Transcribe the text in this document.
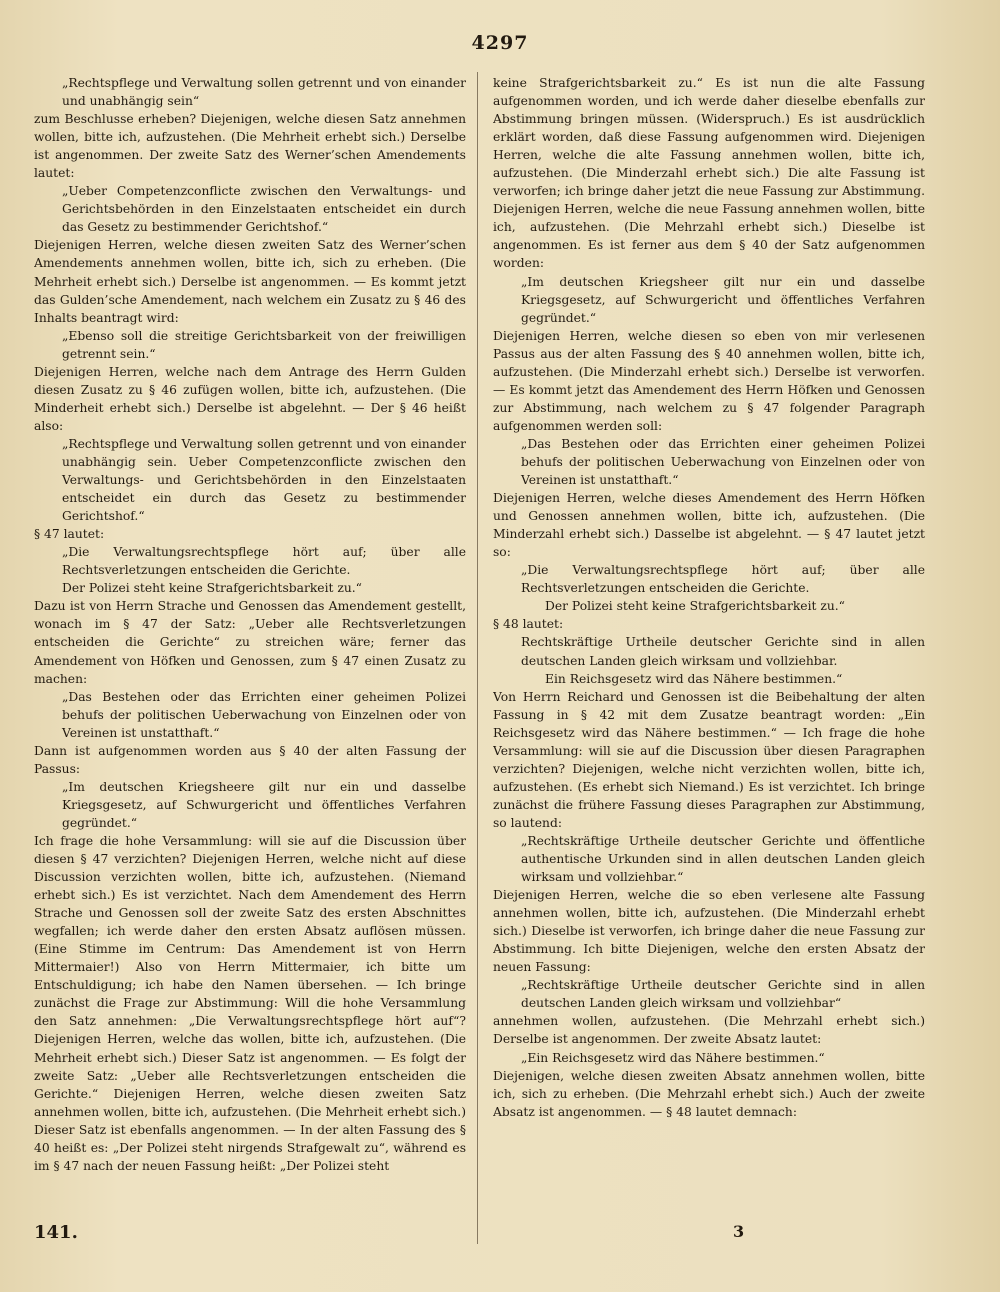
4297

„Rechtspflege und Verwaltung sollen getrennt und von einander und unabhängig sein“

zum Beschlusse erheben? Diejenigen, welche diesen Satz annehmen wollen, bitte ich, aufzustehen. (Die Mehrheit erhebt sich.) Derselbe ist angenommen. Der zweite Satz des Werner’schen Amendements lautet:

„Ueber Competenzconflicte zwischen den Verwaltungs- und Gerichtsbehörden in den Einzelstaaten entscheidet ein durch das Gesetz zu bestimmender Gerichtshof.“

Diejenigen Herren, welche diesen zweiten Satz des Werner’schen Amendements annehmen wollen, bitte ich, sich zu erheben. (Die Mehrheit erhebt sich.) Derselbe ist angenommen. — Es kommt jetzt das Gulden’sche Amendement, nach welchem ein Zusatz zu § 46 des Inhalts beantragt wird:

„Ebenso soll die streitige Gerichtsbarkeit von der freiwilligen getrennt sein.“

Diejenigen Herren, welche nach dem Antrage des Herrn Gulden diesen Zusatz zu § 46 zufügen wollen, bitte ich, aufzustehen. (Die Minderheit erhebt sich.) Derselbe ist abgelehnt. — Der § 46 heißt also:

„Rechtspflege und Verwaltung sollen getrennt und von einander unabhängig sein. Ueber Competenzconflicte zwischen den Verwaltungs- und Gerichtsbehörden in den Einzelstaaten entscheidet ein durch das Gesetz zu bestimmender Gerichtshof.“

§ 47 lautet:

„Die Verwaltungsrechtspflege hört auf; über alle Rechtsverletzungen entscheiden die Gerichte.

Der Polizei steht keine Strafgerichtsbarkeit zu.“

Dazu ist von Herrn Strache und Genossen das Amendement gestellt, wonach im § 47 der Satz: „Ueber alle Rechtsverletzungen entscheiden die Gerichte“ zu streichen wäre; ferner das Amendement von Höfken und Genossen, zum § 47 einen Zusatz zu machen:

„Das Bestehen oder das Errichten einer geheimen Polizei behufs der politischen Ueberwachung von Einzelnen oder von Vereinen ist unstatthaft.“

Dann ist aufgenommen worden aus § 40 der alten Fassung der Passus:

„Im deutschen Kriegsheere gilt nur ein und dasselbe Kriegsgesetz, auf Schwurgericht und öffentliches Verfahren gegründet.“

Ich frage die hohe Versammlung: will sie auf die Discussion über diesen § 47 verzichten? Diejenigen Herren, welche nicht auf diese Discussion verzichten wollen, bitte ich, aufzustehen. (Niemand erhebt sich.) Es ist verzichtet. Nach dem Amendement des Herrn Strache und Genossen soll der zweite Satz des ersten Abschnittes wegfallen; ich werde daher den ersten Absatz auflösen müssen. (Eine Stimme im Centrum: Das Amendement ist von Herrn Mittermaier!) Also von Herrn Mittermaier, ich bitte um Entschuldigung; ich habe den Namen übersehen. — Ich bringe zunächst die Frage zur Abstimmung: Will die hohe Versammlung den Satz annehmen: „Die Verwaltungsrechtspflege hört auf“? Diejenigen Herren, welche das wollen, bitte ich, aufzustehen. (Die Mehrheit erhebt sich.) Dieser Satz ist angenommen. — Es folgt der zweite Satz: „Ueber alle Rechtsverletzungen entscheiden die Gerichte.“ Diejenigen Herren, welche diesen zweiten Satz annehmen wollen, bitte ich, aufzustehen. (Die Mehrheit erhebt sich.) Dieser Satz ist ebenfalls angenommen. — In der alten Fassung des § 40 heißt es: „Der Polizei steht nirgends Strafgewalt zu“, während es im § 47 nach der neuen Fassung heißt: „Der Polizei steht

keine Strafgerichtsbarkeit zu.“ Es ist nun die alte Fassung aufgenommen worden, und ich werde daher dieselbe ebenfalls zur Abstimmung bringen müssen. (Widerspruch.) Es ist ausdrücklich erklärt worden, daß diese Fassung aufgenommen wird. Diejenigen Herren, welche die alte Fassung annehmen wollen, bitte ich, aufzustehen. (Die Minderzahl erhebt sich.) Die alte Fassung ist verworfen; ich bringe daher jetzt die neue Fassung zur Abstimmung. Diejenigen Herren, welche die neue Fassung annehmen wollen, bitte ich, aufzustehen. (Die Mehrzahl erhebt sich.) Dieselbe ist angenommen. Es ist ferner aus dem § 40 der Satz aufgenommen worden:

„Im deutschen Kriegsheer gilt nur ein und dasselbe Kriegsgesetz, auf Schwurgericht und öffentliches Verfahren gegründet.“

Diejenigen Herren, welche diesen so eben von mir verlesenen Passus aus der alten Fassung des § 40 annehmen wollen, bitte ich, aufzustehen. (Die Minderzahl erhebt sich.) Derselbe ist verworfen. — Es kommt jetzt das Amendement des Herrn Höfken und Genossen zur Abstimmung, nach welchem zu § 47 folgender Paragraph aufgenommen werden soll:

„Das Bestehen oder das Errichten einer geheimen Polizei behufs der politischen Ueberwachung von Einzelnen oder von Vereinen ist unstatthaft.“

Diejenigen Herren, welche dieses Amendement des Herrn Höfken und Genossen annehmen wollen, bitte ich, aufzustehen. (Die Minderzahl erhebt sich.) Dasselbe ist abgelehnt. — § 47 lautet jetzt so:

„Die Verwaltungsrechtspflege hört auf; über alle Rechtsverletzungen entscheiden die Gerichte.

Der Polizei steht keine Strafgerichtsbarkeit zu.“

§ 48 lautet:

Rechtskräftige Urtheile deutscher Gerichte sind in allen deutschen Landen gleich wirksam und vollziehbar.

Ein Reichsgesetz wird das Nähere bestimmen.“

Von Herrn Reichard und Genossen ist die Beibehaltung der alten Fassung in § 42 mit dem Zusatze beantragt worden: „Ein Reichsgesetz wird das Nähere bestimmen.“ — Ich frage die hohe Versammlung: will sie auf die Discussion über diesen Paragraphen verzichten? Diejenigen, welche nicht verzichten wollen, bitte ich, aufzustehen. (Es erhebt sich Niemand.) Es ist verzichtet. Ich bringe zunächst die frühere Fassung dieses Paragraphen zur Abstimmung, so lautend:

„Rechtskräftige Urtheile deutscher Gerichte und öffentliche authentische Urkunden sind in allen deutschen Landen gleich wirksam und vollziehbar.“

Diejenigen Herren, welche die so eben verlesene alte Fassung annehmen wollen, bitte ich, aufzustehen. (Die Minderzahl erhebt sich.) Dieselbe ist verworfen, ich bringe daher die neue Fassung zur Abstimmung. Ich bitte Diejenigen, welche den ersten Absatz der neuen Fassung:

„Rechtskräftige Urtheile deutscher Gerichte sind in allen deutschen Landen gleich wirksam und vollziehbar“

annehmen wollen, aufzustehen. (Die Mehrzahl erhebt sich.) Derselbe ist angenommen. Der zweite Absatz lautet:

„Ein Reichsgesetz wird das Nähere bestimmen.“

Diejenigen, welche diesen zweiten Absatz annehmen wollen, bitte ich, sich zu erheben. (Die Mehrzahl erhebt sich.) Auch der zweite Absatz ist angenommen. — § 48 lautet demnach:

141.	3
